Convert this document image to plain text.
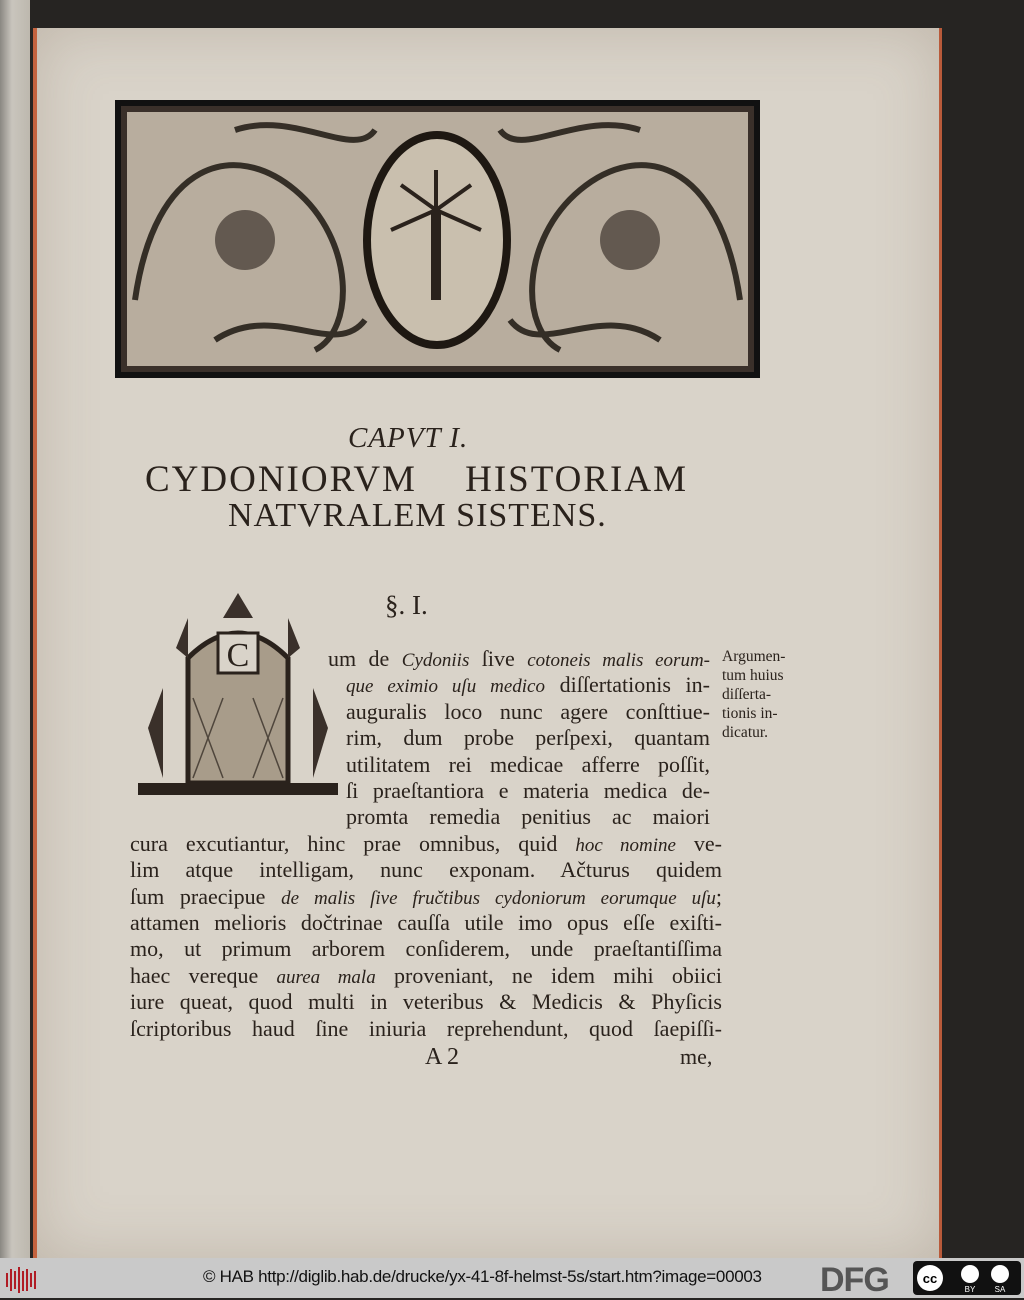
CAPVT I.
CYDONIORVM HISTORIAM
NATVRALEM SISTENS.
§. I.
C	um de Cydoniis ſive cotoneis malis eorum-
que eximio uſu medico diſſertationis in-
auguralis loco nunc agere conſttiue-
rim, dum probe perſpexi, quantam
utilitatem rei medicae afferre poſſit,
ſi praeſtantiora e materia medica de-
promta remedia penitius ac maiori
cura excutiantur, hinc prae omnibus, quid hoc nomine ve-
lim atque intelligam, nunc exponam. Ačturus quidem
ſum praecipue de malis ſive fručtibus cydoniorum eorumque uſu;
attamen melioris dočtrinae cauſſa utile imo opus eſſe exiſti-
mo, ut primum arborem conſiderem, unde praeſtantiſſima
haec vereque aurea mala proveniant, ne idem mihi obiici
iure queat, quod multi in veteribus & Medicis & Phyſicis
ſcriptoribus haud ſine iniuria reprehendunt, quod ſaepiſſi-
Argumen-
tum huius
diſſerta-
tionis in-
dicatur.
A 2	me,
© HAB http://diglib.hab.de/drucke/yx-41-8f-helmst-5s/start.htm?image=00003 DFG	cc
BY SA
